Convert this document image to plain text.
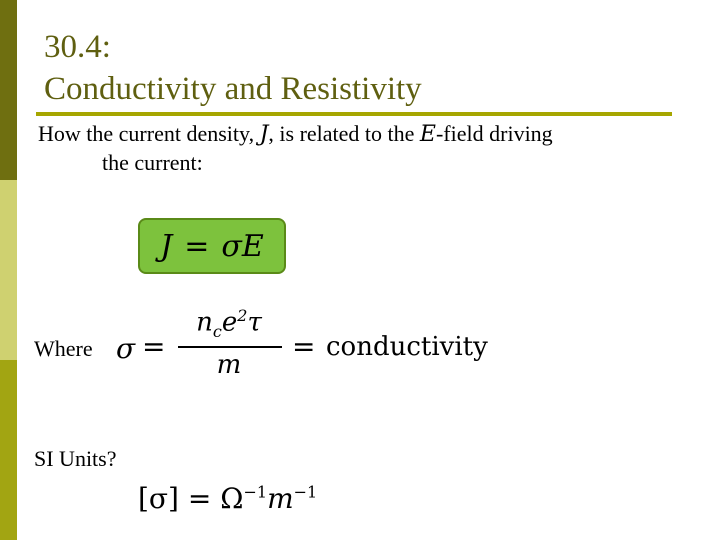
30.4:
Conductivity and Resistivity
How the current density, J, is related to the E-field driving
the current:
J = σE
Where σ =
$n_ce^2\tau$
m
= conductivity
SI Units?
$[\sigma] = \Omega^{-1}m^{-1}$
